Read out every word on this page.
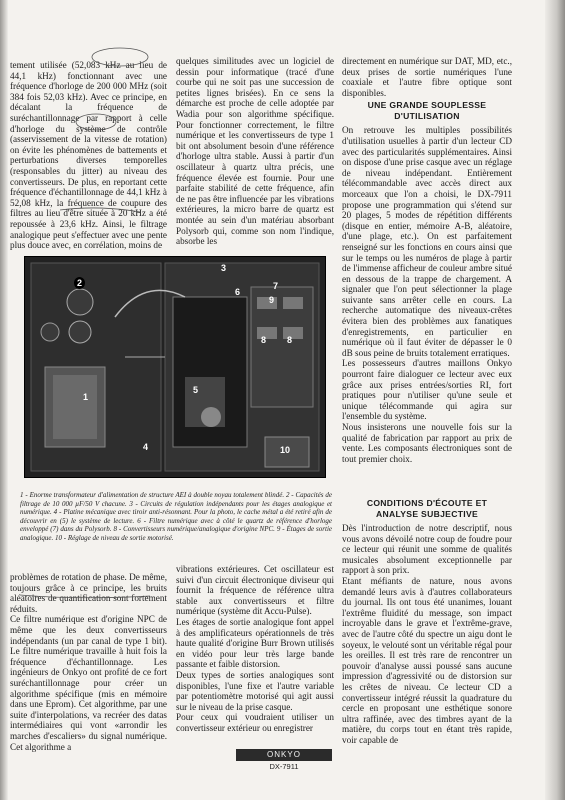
tement utilisée (52,083 kHz au lieu de 44,1 kHz) fonctionnant avec une fréquence d'horloge de 200 000 MHz (soit 384 fois 52,03 kHz). Avec ce principe, en décalant la fréquence de suréchantillonnage par rapport à celle d'horloge du système de contrôle (asservissement de la vitesse de rotation) on évite les phénomènes de battements et perturbations diverses temporelles (responsables du jitter) au niveau des convertisseurs. De plus, en reportant cette fréquence d'échantillonnage de 44,1 kHz à 52,08 kHz, la fréquence de coupure des filtres au lieu d'être située à 20 kHz a été repoussée à 23,6 kHz. Ainsi, le filtrage analogique peut s'effectuer avec une pente plus douce avec, en corrélation, moins de

quelques similitudes avec un logiciel de dessin pour informatique (tracé d'une courbe qui ne soit pas une succession de petites lignes brisées). En ce sens la démarche est proche de celle adoptée par Wadia pour son algorithme spécifique. Pour fonctionner correctement, le filtre numérique et les convertisseurs de type 1 bit ont absolument besoin d'une référence d'horloge ultra stable. Aussi à partir d'un oscillateur à quartz ultra précis, une fréquence élevée est fournie. Pour une parfaite stabilité de cette fréquence, afin de ne pas être influencée par les vibrations extérieures, la micro barre de quartz est montée au sein d'un matériau absorbant Polysorb qui, comme son nom l'indique, absorbe les

directement en numérique sur DAT, MD, etc., deux prises de sortie numériques l'une coaxiale et l'autre fibre optique sont disponibles.

UNE GRANDE SOUPLESSE
D'UTILISATION

On retrouve les multiples possibilités d'utilisation usuelles à partir d'un lecteur CD avec des particularités supplémentaires. Ainsi on dispose d'une prise casque avec un réglage de niveau indépendant. Entièrement télécommandable avec accès direct aux morceaux que l'on a choisi, le DX-7911 propose une programmation qui s'étend sur 20 plages, 5 modes de répétition différents (disque en entier, mémoire A-B, aléatoire, d'une plage, etc.). On est parfaitement renseigné sur les fonctions en cours ainsi que sur le temps ou les numéros de plage à partir de l'immense afficheur de couleur ambre situé en dessous de la trappe de chargement. A signaler que l'on peut sélectionner la plage suivante sans arrêter celle en cours. La recherche automatique des niveaux-crêtes évitera bien des problèmes aux fanatiques d'enregistrements, en particulier en numérique où il faut éviter de dépasser le 0 dB sous peine de bruits totalement erratiques.

Les possesseurs d'autres maillons Onkyo pourront faire dialoguer ce lecteur avec eux grâce aux prises entrées/sorties RI, fort pratiques pour n'utiliser qu'une seule et unique télécommande qui agira sur l'ensemble du système.

Nous insisterons une nouvelle fois sur la qualité de fabrication par rapport au prix de vente. Les composants électroniques sont de tout premier choix.

CONDITIONS D'ÉCOUTE ET
ANALYSE SUBJECTIVE

Dès l'introduction de notre descriptif, nous vous avons dévoilé notre coup de foudre pour ce lecteur qui réunit une somme de qualités musicales absolument exceptionnelle par rapport à son prix.

Etant méfiants de nature, nous avons demandé leurs avis à d'autres collaborateurs du journal. Ils ont tous été unanimes, louant l'extrême fluidité du message, son impact incroyable dans le grave et l'extrême-grave, avec de l'autre côté du spectre un aigu dont le soyeux, le velouté sont un véritable régal pour les oreilles. Il est très rare de rencontrer un pouvoir d'analyse aussi poussé sans aucune impression d'agressivité ou de distorsion sur les crêtes de niveau. Ce lecteur CD a convertisseur intégré réussit la quadrature du cercle en proposant une esthétique sonore ultra raffinée, avec des timbres ayant de la matière, du corps tout en étant très rapide, voir capable de

1
2
3
4
5
6
7
8 8
9
10
1 - Enorme transformateur d'alimentation de structure AEI à double noyau totalement blindé. 2 - Capacités de filtrage de 10 000 µF/50 V chacune. 3 - Circuits de régulation indépendants pour les étages analogique et numérique. 4 - Platine mécanique avec tiroir anti-résonnant. Pour la photo, le cache métal a été retiré afin de découvrir en (5) le système de lecture. 6 - Filtre numérique avec à côté le quartz de référence d'horloge enveloppé (7) dans du Polysorb. 8 - Convertisseurs numérique/analogique d'origine NPC. 9 - Étages de sortie analogique. 10 - Réglage de niveau de sortie motorisé.

problèmes de rotation de phase. De même, toujours grâce à ce principe, les bruits aléatoires de quantification sont fortement réduits.

Ce filtre numérique est d'origine NPC de même que les deux convertisseurs indépendants (un par canal de type 1 bit). Le filtre numérique travaille à huit fois la fréquence d'échantillonnage. Les ingénieurs de Onkyo ont profité de ce fort suréchantillonnage pour créer un algorithme spécifique (mis en mémoire dans une Eprom). Cet algorithme, par une suite d'interpolations, va recréer des datas intermédiaires qui vont «arrondir les marches d'escaliers» du signal numérique. Cet algorithme a

vibrations extérieures. Cet oscillateur est suivi d'un circuit électronique diviseur qui fournit la fréquence de référence ultra stable aux convertisseurs et filtre numérique (système dit Accu-Pulse).

Les étages de sortie analogique font appel à des amplificateurs opérationnels de très haute qualité d'origine Burr Brown utilisés en vidéo pour leur très large bande passante et faible distorsion.

Deux types de sorties analogiques sont disponibles, l'une fixe et l'autre variable par potentiomètre motorisé qui agit aussi sur le niveau de la prise casque.

Pour ceux qui voudraient utiliser un convertisseur extérieur ou enregistrer

ONKYO
DX-7911
